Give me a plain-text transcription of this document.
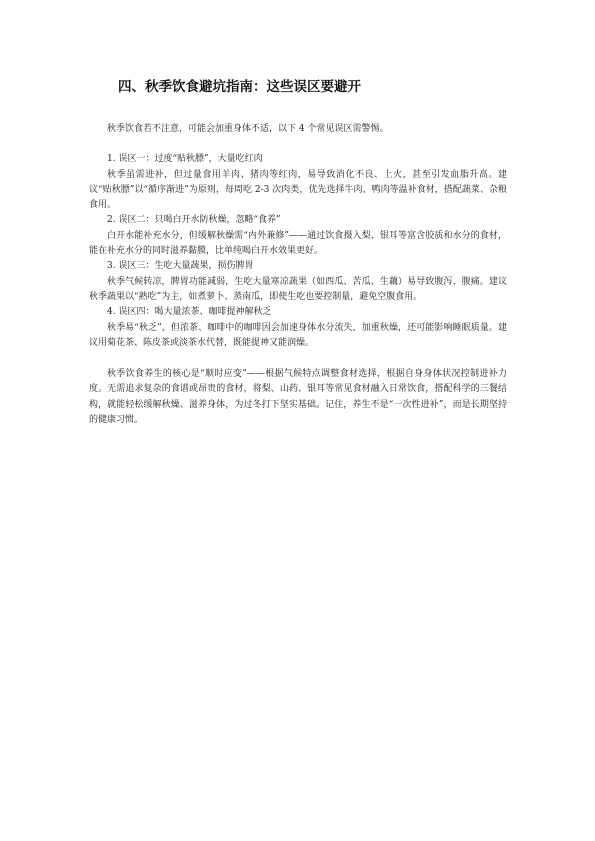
四、秋季饮食避坑指南：这些误区要避开

秋季饮食若不注意，可能会加重身体不适，以下 4 个常见误区需警惕。

1. 误区一：过度“贴秋膘”，大量吃红肉

秋季虽需进补，但过量食用羊肉、猪肉等红肉，易导致消化不良、上火，甚至引发血脂升高。建议“贴秋膘”以“循序渐进”为原则，每周吃 2-3 次肉类，优先选择牛肉、鸭肉等温补食材，搭配蔬菜、杂粮食用。

2. 误区二：只喝白开水防秋燥，忽略“食养”

白开水能补充水分，但缓解秋燥需“内外兼修”——通过饮食摄入梨、银耳等富含胶质和水分的食材，能在补充水分的同时滋养黏膜，比单纯喝白开水效果更好。

3. 误区三：生吃大量蔬果，损伤脾胃

秋季气候转凉，脾胃功能减弱，生吃大量寒凉蔬果（如西瓜、苦瓜、生藕）易导致腹泻、腹痛。建议秋季蔬果以“熟吃”为主，如煮萝卜、蒸南瓜，即使生吃也要控制量，避免空腹食用。

4. 误区四：喝大量浓茶、咖啡提神解秋乏

秋季易“秋乏”，但浓茶、咖啡中的咖啡因会加速身体水分流失，加重秋燥，还可能影响睡眠质量。建议用菊花茶、陈皮茶或淡茶水代替，既能提神又能润燥。

秋季饮食养生的核心是“顺时应变”——根据气候特点调整食材选择，根据自身身体状况控制进补力度。无需追求复杂的食谱或昂贵的食材，将梨、山药、银耳等常见食材融入日常饮食，搭配科学的三餐结构，就能轻松缓解秋燥、滋养身体，为过冬打下坚实基础。记住，养生不是“一次性进补”，而是长期坚持的健康习惯。
